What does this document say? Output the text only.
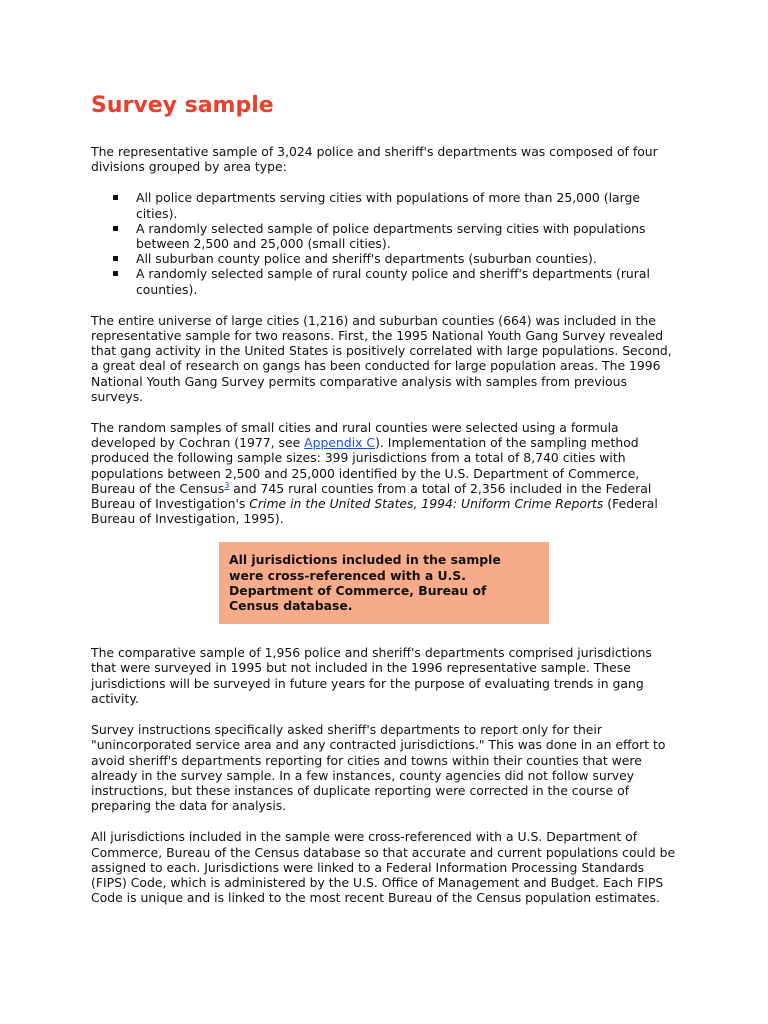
Survey sample

The representative sample of 3,024 police and sheriff's departments was composed of four divisions grouped by area type:

All police departments serving cities with populations of more than 25,000 (large cities).
A randomly selected sample of police departments serving cities with populations between 2,500 and 25,000 (small cities).
All suburban county police and sheriff's departments (suburban counties).
A randomly selected sample of rural county police and sheriff's departments (rural counties).

The entire universe of large cities (1,216) and suburban counties (664) was included in the representative sample for two reasons. First, the 1995 National Youth Gang Survey revealed that gang activity in the United States is positively correlated with large populations. Second, a great deal of research on gangs has been conducted for large population areas. The 1996 National Youth Gang Survey permits comparative analysis with samples from previous surveys.

The random samples of small cities and rural counties were selected using a formula developed by Cochran (1977, see Appendix C). Implementation of the sampling method produced the following sample sizes: 399 jurisdictions from a total of 8,740 cities with populations between 2,500 and 25,000 identified by the U.S. Department of Commerce, Bureau of the Census$^3$ and 745 rural counties from a total of 2,356 included in the Federal Bureau of Investigation's Crime in the United States, 1994: Uniform Crime Reports (Federal Bureau of Investigation, 1995).

All jurisdictions included in the sample were cross-referenced with a U.S. Department of Commerce, Bureau of Census database.

The comparative sample of 1,956 police and sheriff's departments comprised jurisdictions that were surveyed in 1995 but not included in the 1996 representative sample. These jurisdictions will be surveyed in future years for the purpose of evaluating trends in gang activity.

Survey instructions specifically asked sheriff's departments to report only for their "unincorporated service area and any contracted jurisdictions." This was done in an effort to avoid sheriff's departments reporting for cities and towns within their counties that were already in the survey sample. In a few instances, county agencies did not follow survey instructions, but these instances of duplicate reporting were corrected in the course of preparing the data for analysis.

All jurisdictions included in the sample were cross-referenced with a U.S. Department of Commerce, Bureau of the Census database so that accurate and current populations could be assigned to each. Jurisdictions were linked to a Federal Information Processing Standards (FIPS) Code, which is administered by the U.S. Office of Management and Budget. Each FIPS Code is unique and is linked to the most recent Bureau of the Census population estimates.
